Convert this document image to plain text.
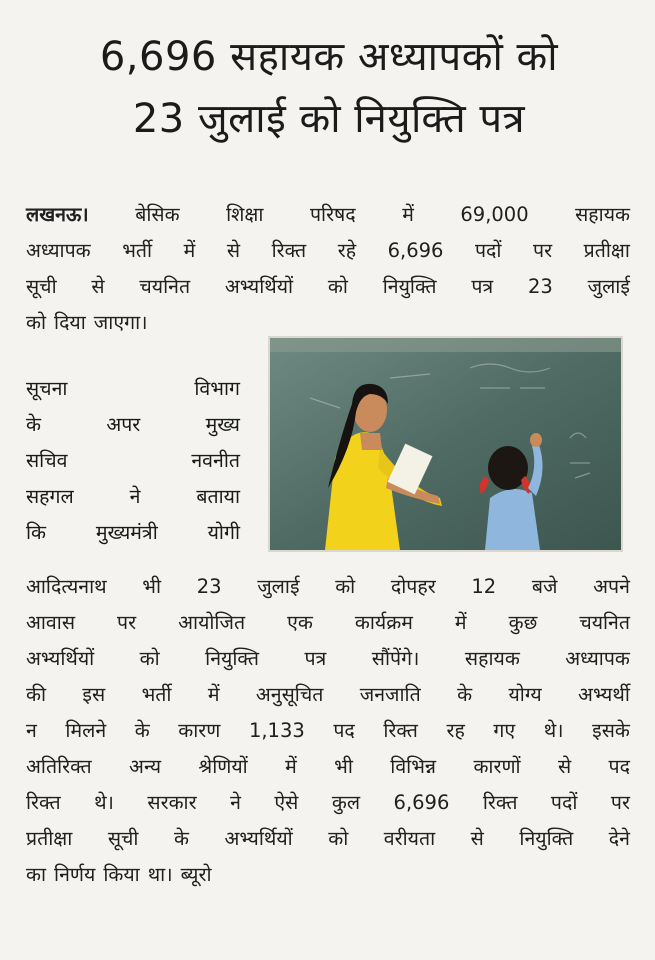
6,696 सहायक अध्यापकों को
23 जुलाई को नियुक्ति पत्र
लखनऊ। बेसिक शिक्षा परिषद में 69,000 सहायक
अध्यापक भर्ती में से रिक्त रहे 6,696 पदों पर प्रतीक्षा
सूची से चयनित अभ्यर्थियों को नियुक्ति पत्र 23 जुलाई
को दिया जाएगा।
सूचना	विभाग
के	अपर	मुख्य
सचिव	नवनीत
सहगल	ने	बताया
कि	मुख्यमंत्री	योगी
आदित्यनाथ भी 23 जुलाई को दोपहर 12 बजे अपने
आवास पर आयोजित एक कार्यक्रम में कुछ चयनित
अभ्यर्थियों को नियुक्ति पत्र सौंपेंगे। सहायक अध्यापक
की इस भर्ती में अनुसूचित जनजाति के योग्य अभ्यर्थी
न मिलने के कारण 1,133 पद रिक्त रह गए थे। इसके
अतिरिक्त अन्य श्रेणियों में भी विभिन्न कारणों से पद
रिक्त थे। सरकार ने ऐसे कुल 6,696 रिक्त पदों पर
प्रतीक्षा सूची के अभ्यर्थियों को वरीयता से नियुक्ति देने
का निर्णय किया था। ब्यूरो
